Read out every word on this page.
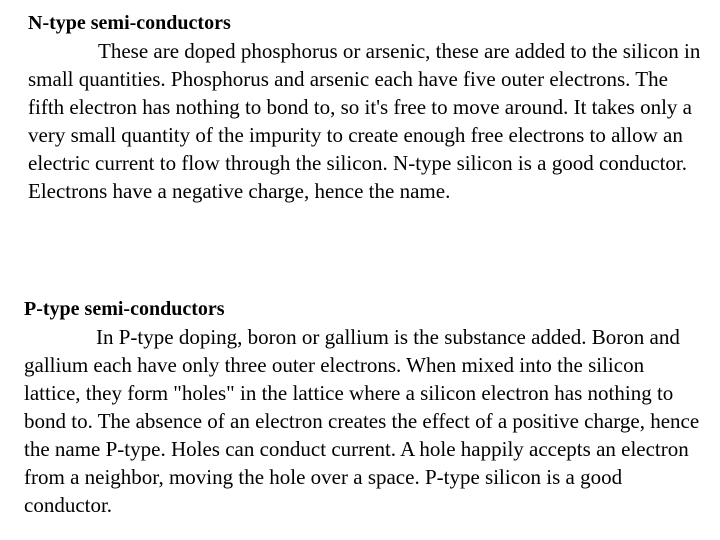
N-type semi-conductors

These are doped phosphorus or arsenic, these are added to the silicon in small quantities. Phosphorus and arsenic each have five outer electrons. The fifth electron has nothing to bond to, so it's free to move around. It takes only a very small quantity of the impurity to create enough free electrons to allow an electric current to flow through the silicon. N-type silicon is a good conductor. Electrons have a negative charge, hence the name.

P-type semi-conductors

In P-type doping, boron or gallium is the substance added. Boron and gallium each have only three outer electrons. When mixed into the silicon lattice, they form "holes" in the lattice where a silicon electron has nothing to bond to. The absence of an electron creates the effect of a positive charge, hence the name P-type. Holes can conduct current. A hole happily accepts an electron from a neighbor, moving the hole over a space. P-type silicon is a good conductor.
